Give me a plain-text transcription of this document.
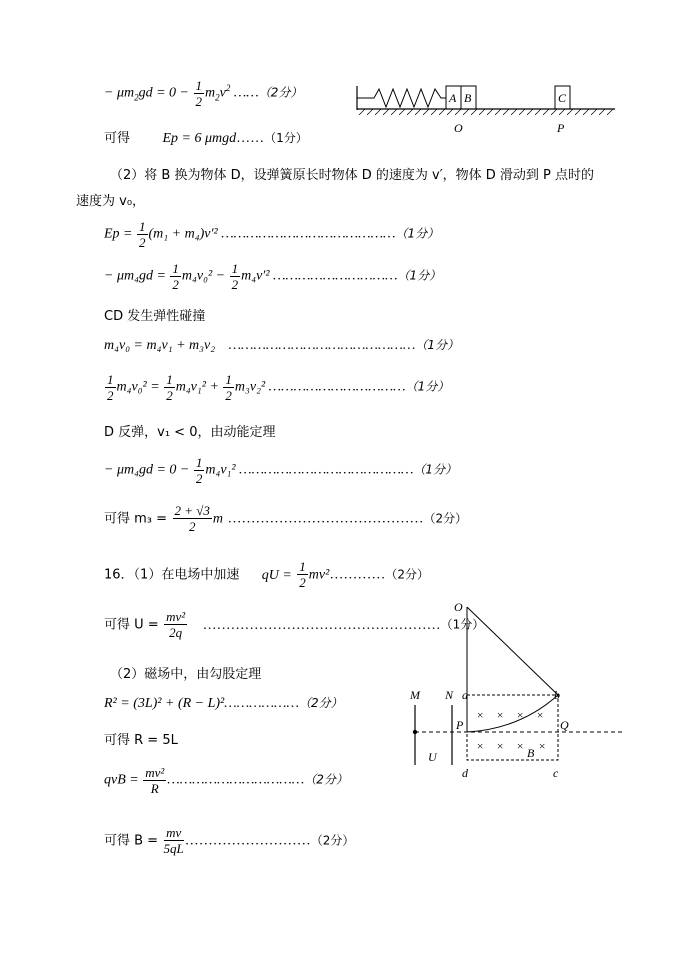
− $\mu m_2gd = 0 - \frac{1}{2} m_2v^2$ ……（2分）	A B	C
O	P
可得 Ep = 6 μmgd……（1分）
（2）将 B 换为物体 D，设弹簧原长时物体 D 的速度为 v′，物体 D 滑动到 P 点时的
速度为 v₀，
$Ep = \frac{1}{2} (m_1 + m_4)v'^2$ ……………………………………（1分）
− $\mu m_4gd = \frac{1}{2} m_4v_0^2 - \frac{1}{2} m_4v'^2$ …………………………（1分）
CD 发生弹性碰撞
m₄v₀ = m₄v₁ + m₃v₂ ………………………………………（1分）
$\frac{1}{2} m_4v_0^2 = \frac{1}{2} m_4v_1^2 + \frac{1}{2} m_3v_2^2$ ……………………………（1分）
D 反弹，v₁ < 0，由动能定理
− $\mu m_4gd = 0 - \frac{1}{2} m_4v_1^2$ ……………………………………（1分）
可得 $m_3 = \frac{2 + √3}{2}$ m ……………………………………（2分）
16．（1）在电场中加速 qU = $\frac{1}{2}$ mv²…………（2分）
可得 $U = \frac{\text{mv²}}{2q}$ ……………………………………………（1分）
（2）磁场中，由勾股定理
R² = (3L)² + (R − L)²………………（2分）
可得 R = 5L
qvB = $\frac{\text{mv²}}{R}$ ……………………………（2分）
可得 $B = \frac{mv}{5qL}$ ………………………（2分）
O
M N a	b
P	Q
U
d	c
B
× × × ×
× × × ×
